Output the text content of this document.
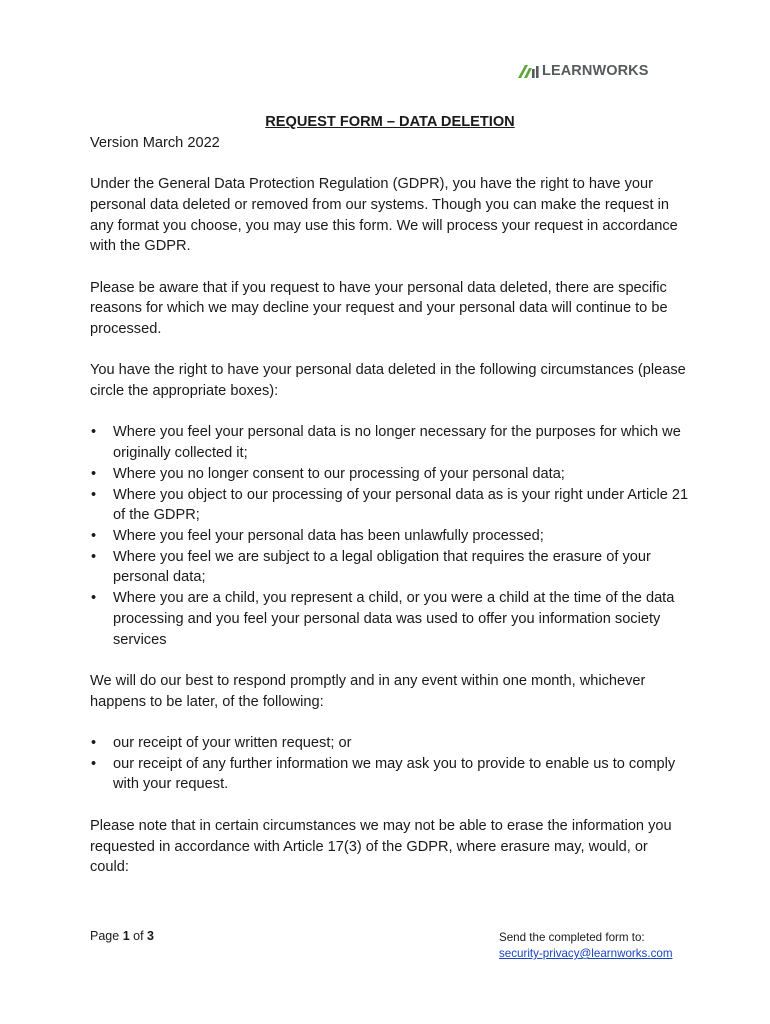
LEARNWORKS

REQUEST FORM – DATA DELETION

Version March 2022

Under the General Data Protection Regulation (GDPR), you have the right to have your personal data deleted or removed from our systems. Though you can make the request in any format you choose, you may use this form. We will process your request in accordance with the GDPR.

Please be aware that if you request to have your personal data deleted, there are specific reasons for which we may decline your request and your personal data will continue to be processed.

You have the right to have your personal data deleted in the following circumstances (please circle the appropriate boxes):

• Where you feel your personal data is no longer necessary for the purposes for which we originally collected it;
• Where you no longer consent to our processing of your personal data;
• Where you object to our processing of your personal data as is your right under Article 21 of the GDPR;
• Where you feel your personal data has been unlawfully processed;
• Where you feel we are subject to a legal obligation that requires the erasure of your personal data;
• Where you are a child, you represent a child, or you were a child at the time of the data processing and you feel your personal data was used to offer you information society services

We will do our best to respond promptly and in any event within one month, whichever happens to be later, of the following:

• our receipt of your written request; or
• our receipt of any further information we may ask you to provide to enable us to comply with your request.

Please note that in certain circumstances we may not be able to erase the information you requested in accordance with Article 17(3) of the GDPR, where erasure may, would, or could:

Page 1 of 3	Send the completed form to:
security-privacy@learnworks.com
